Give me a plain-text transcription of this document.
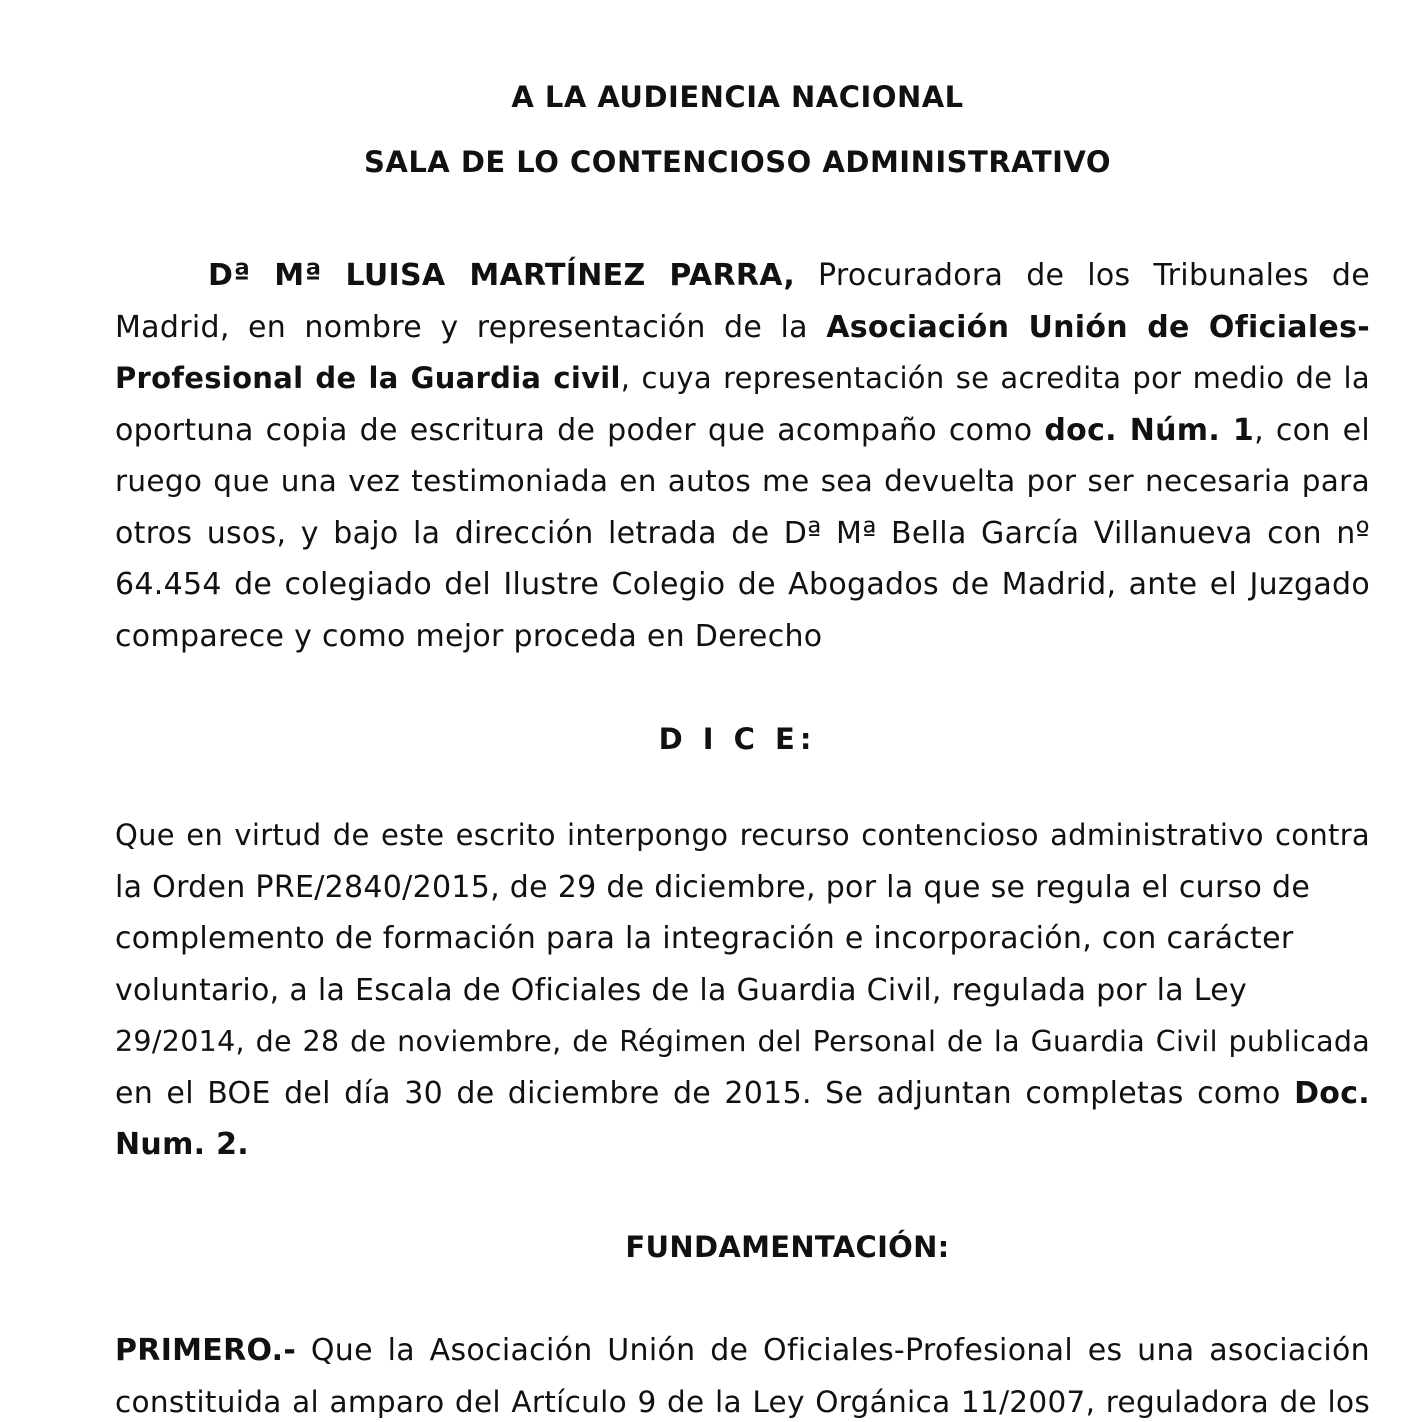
A LA AUDIENCIA NACIONAL
SALA DE LO CONTENCIOSO ADMINISTRATIVO
Dª Mª LUISA MARTÍNEZ PARRA, Procuradora de los Tribunales de
Madrid, en nombre y representación de la Asociación Unión de Oficiales-
Profesional de la Guardia civil, cuya representación se acredita por medio de la
oportuna copia de escritura de poder que acompaño como doc. Núm. 1, con el
ruego que una vez testimoniada en autos me sea devuelta por ser necesaria para
otros usos, y bajo la dirección letrada de Dª Mª Bella García Villanueva con nº
64.454 de colegiado del Ilustre Colegio de Abogados de Madrid, ante el Juzgado
comparece y como mejor proceda en Derecho
D I C E:
Que en virtud de este escrito interpongo recurso contencioso administrativo contra
la Orden PRE/2840/2015, de 29 de diciembre, por la que se regula el curso de
complemento de formación para la integración e incorporación, con carácter
voluntario, a la Escala de Oficiales de la Guardia Civil, regulada por la Ley
29/2014, de 28 de noviembre, de Régimen del Personal de la Guardia Civil publicada
en el BOE del día 30 de diciembre de 2015. Se adjuntan completas como Doc.
Num. 2.
FUNDAMENTACIÓN:
PRIMERO.- Que la Asociación Unión de Oficiales-Profesional es una asociación
constituida al amparo del Artículo 9 de la Ley Orgánica 11/2007, reguladora de los
